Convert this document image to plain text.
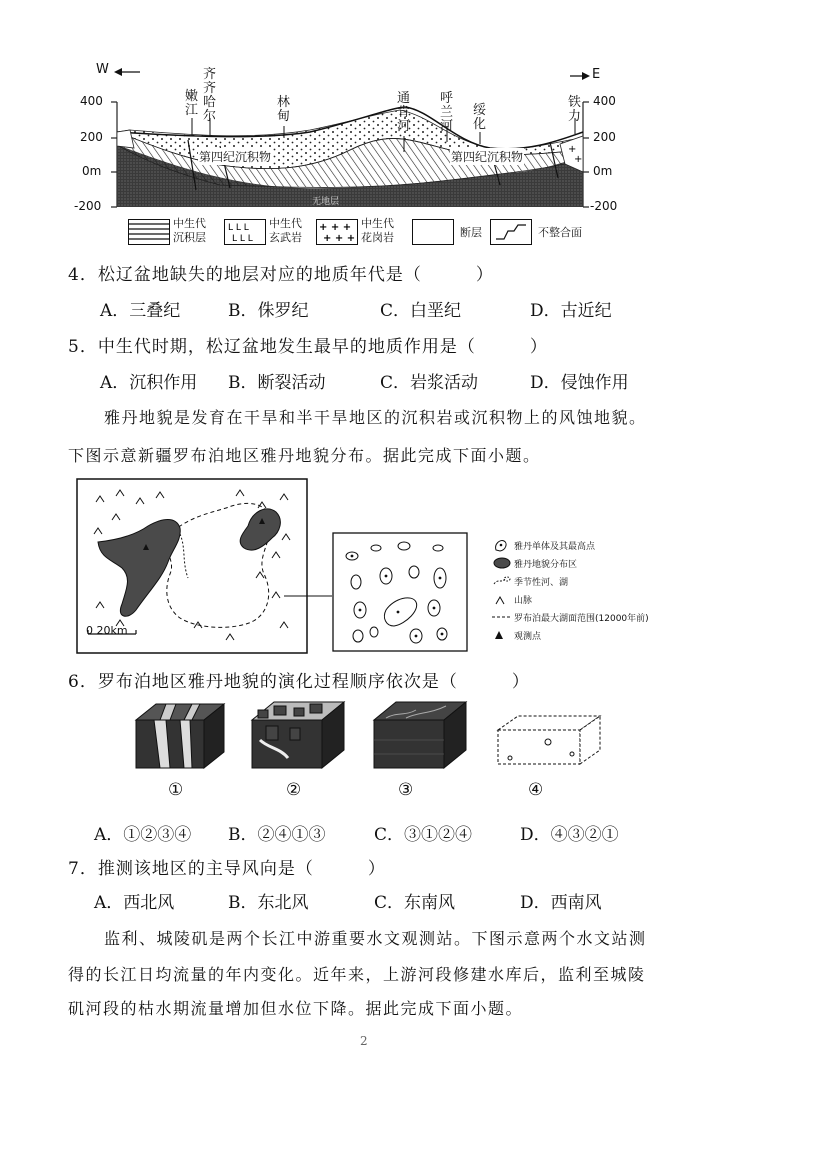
+
+
W	E
400
200
0m
-200
400
200
0m
-200
嫩江
齐齐哈尔
林甸
通肯河
呼兰河
绥化
铁力
第四纪沉积物	第四纪沉积物
无地层
中生代沉积层
L L L
L L L
中生代玄武岩
+ + +
+ + +
中生代花岗岩	断层	不整合面
4．松辽盆地缺失的地层对应的地质年代是（　　　）
A．三叠纪	B．侏罗纪	C．白垩纪	D．古近纪
5．中生代时期，松辽盆地发生最早的地质作用是（　　　）
A．沉积作用 B．断裂活动	C．岩浆活动	D．侵蚀作用
雅丹地貌是发育在干旱和半干旱地区的沉积岩或沉积物上的风蚀地貌。
下图示意新疆罗布泊地区雅丹地貌分布。据此完成下面小题。
0 20km
雅丹单体及其最高点
雅丹地貌分布区
季节性河、湖
山脉
罗布泊最大湖面范围(12000年前)
观测点
6．罗布泊地区雅丹地貌的演化过程顺序依次是（　　　）
①	②	③	④
A．①②③④ B．②④①③	C．③①②④	D．④③②①
7．推测该地区的主导风向是（　　　）
A．西北风	B．东北风	C．东南风	D．西南风
监利、城陵矶是两个长江中游重要水文观测站。下图示意两个水文站测
得的长江日均流量的年内变化。近年来，上游河段修建水库后，监利至城陵
矶河段的枯水期流量增加但水位下降。据此完成下面小题。
2
